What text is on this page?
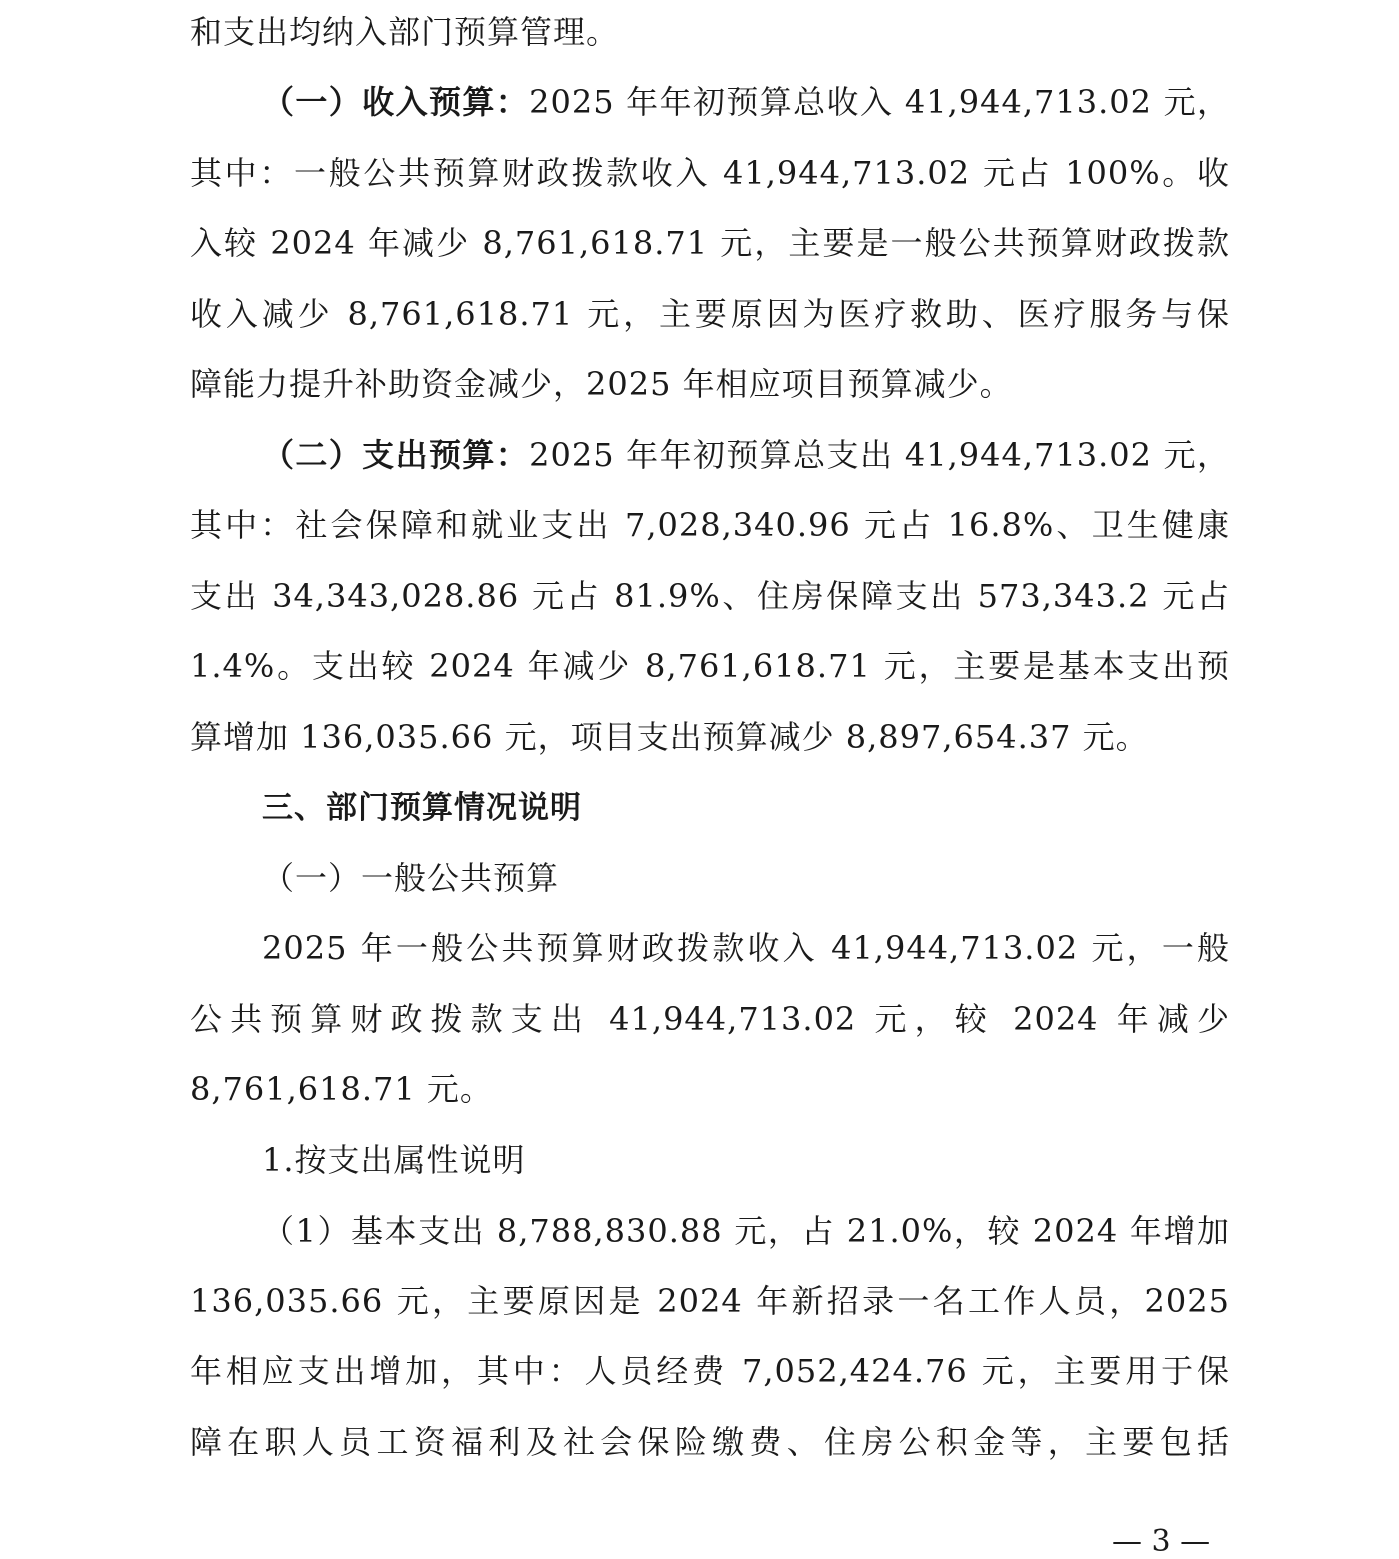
和支出均纳入部门预算管理。
（一）收入预算：2025 年年初预算总收入 41,944,713.02 元，
其中：一般公共预算财政拨款收入 41,944,713.02 元占 100%。收
入较 2024 年减少 8,761,618.71 元，主要是一般公共预算财政拨款
收入减少 8,761,618.71 元，主要原因为医疗救助、医疗服务与保
障能力提升补助资金减少，2025 年相应项目预算减少。
（二）支出预算：2025 年年初预算总支出 41,944,713.02 元，
其中：社会保障和就业支出 7,028,340.96 元占 16.8%、卫生健康
支出 34,343,028.86 元占 81.9%、住房保障支出 573,343.2 元占
1.4%。支出较 2024 年减少 8,761,618.71 元，主要是基本支出预
算增加 136,035.66 元，项目支出预算减少 8,897,654.37 元。
三、部门预算情况说明
（一）一般公共预算
2025 年一般公共预算财政拨款收入 41,944,713.02 元，一般
公共预算财政拨款支出 41,944,713.02 元，较 2024 年减少
8,761,618.71 元。
1.按支出属性说明
（1）基本支出 8,788,830.88 元，占 21.0%，较 2024 年增加
136,035.66 元，主要原因是 2024 年新招录一名工作人员，2025
年相应支出增加，其中：人员经费 7,052,424.76 元，主要用于保
障在职人员工资福利及社会保险缴费、住房公积金等，主要包括
— 3 —
